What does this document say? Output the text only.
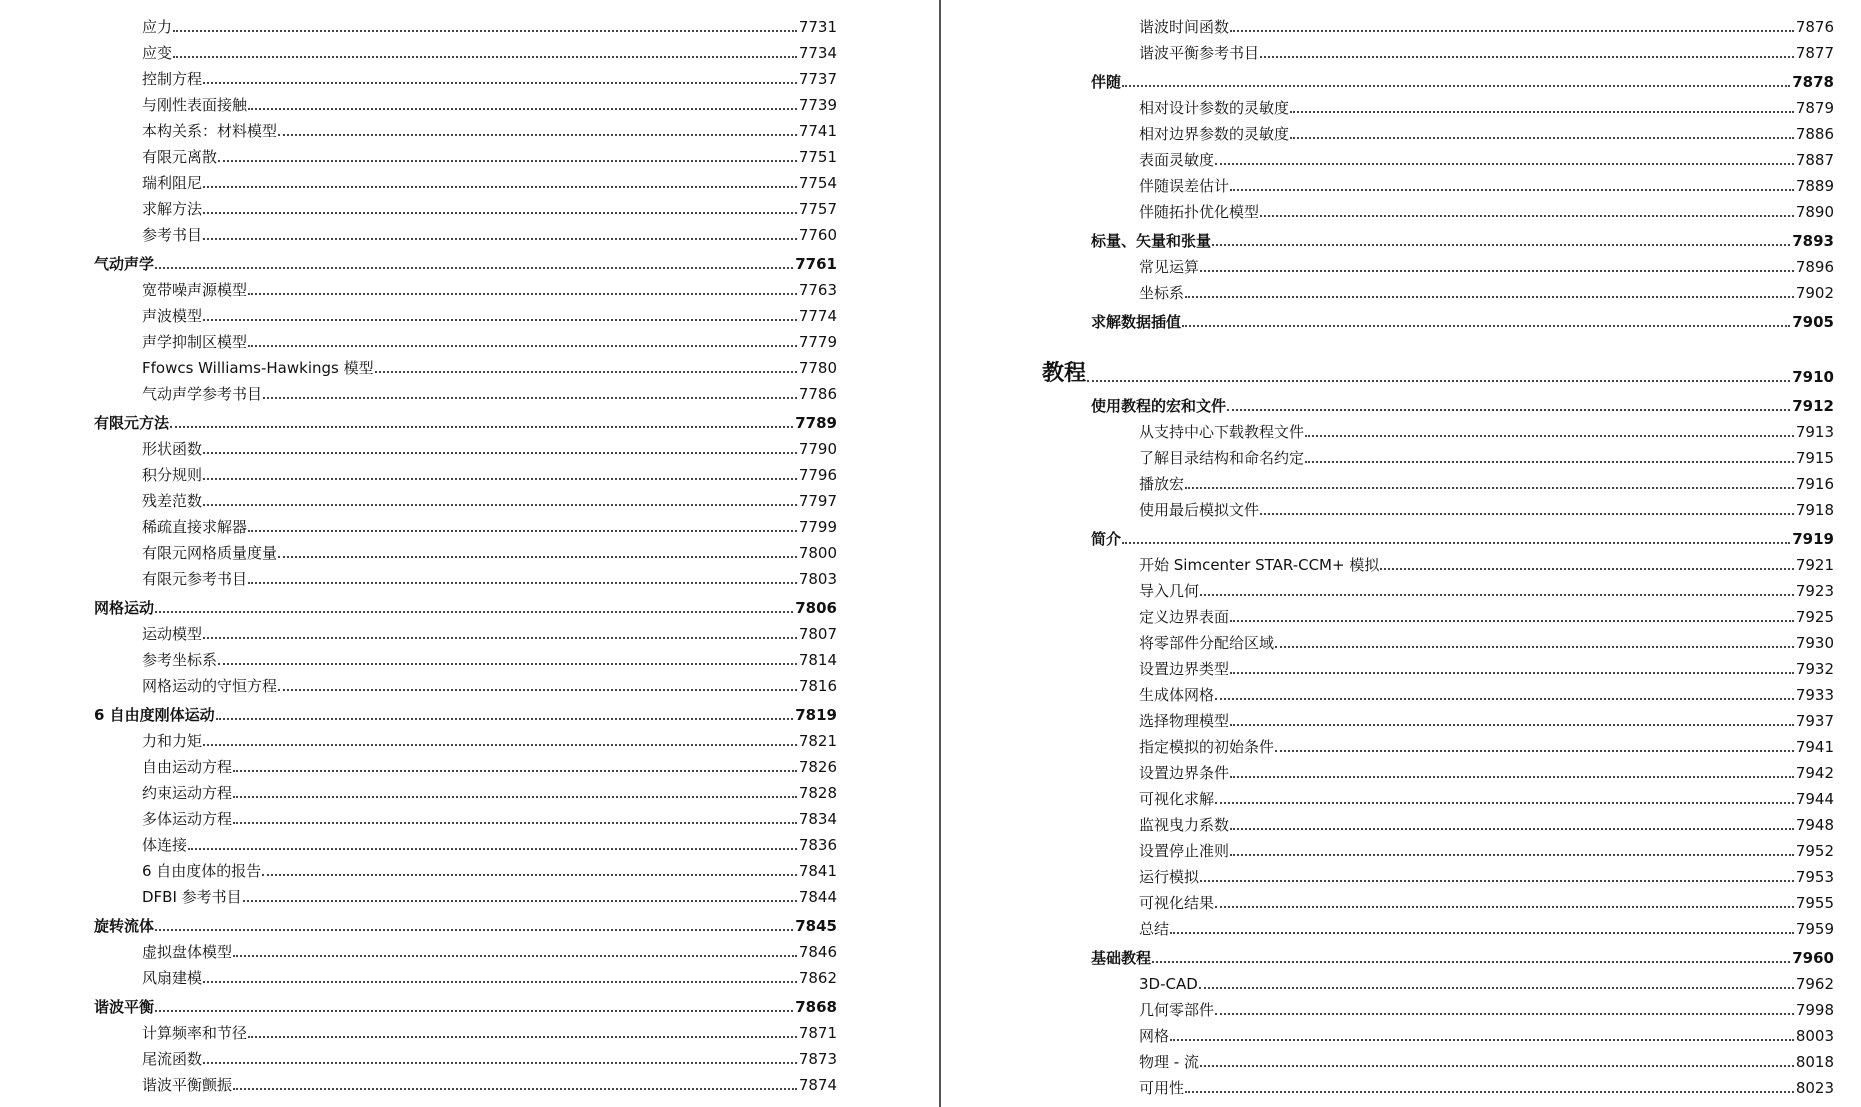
应力	7731
应变	7734
控制方程	7737
与刚性表面接触	7739
本构关系：材料模型	7741
有限元离散	7751
瑞利阻尼	7754
求解方法	7757
参考书目	7760
气动声学	7761
宽带噪声源模型	7763
声波模型	7774
声学抑制区模型	7779
Ffowcs Williams-Hawkings 模型	7780
气动声学参考书目	7786
有限元方法	7789
形状函数	7790
积分规则	7796
残差范数	7797
稀疏直接求解器	7799
有限元网格质量度量	7800
有限元参考书目	7803
网格运动	7806
运动模型	7807
参考坐标系	7814
网格运动的守恒方程	7816
6 自由度刚体运动	7819
力和力矩	7821
自由运动方程	7826
约束运动方程	7828
多体运动方程	7834
体连接	7836
6 自由度体的报告	7841
DFBI 参考书目	7844
旋转流体	7845
虚拟盘体模型	7846
风扇建模	7862
谐波平衡	7868
计算频率和节径	7871
尾流函数	7873
谐波平衡颤振	7874
谐波时间函数	7876
谐波平衡参考书目	7877
伴随	7878
相对设计参数的灵敏度	7879
相对边界参数的灵敏度	7886
表面灵敏度	7887
伴随误差估计	7889
伴随拓扑优化模型	7890
标量、矢量和张量	7893
常见运算	7896
坐标系	7902
求解数据插值	7905
教程	7910
使用教程的宏和文件	7912
从支持中心下载教程文件	7913
了解目录结构和命名约定	7915
播放宏	7916
使用最后模拟文件	7918
简介	7919
开始 Simcenter STAR-CCM+ 模拟	7921
导入几何	7923
定义边界表面	7925
将零部件分配给区域	7930
设置边界类型	7932
生成体网格	7933
选择物理模型	7937
指定模拟的初始条件	7941
设置边界条件	7942
可视化求解	7944
监视曳力系数	7948
设置停止准则	7952
运行模拟	7953
可视化结果	7955
总结	7959
基础教程	7960
3D-CAD	7962
几何零部件	7998
网格	8003
物理 - 流	8018
可用性	8023
